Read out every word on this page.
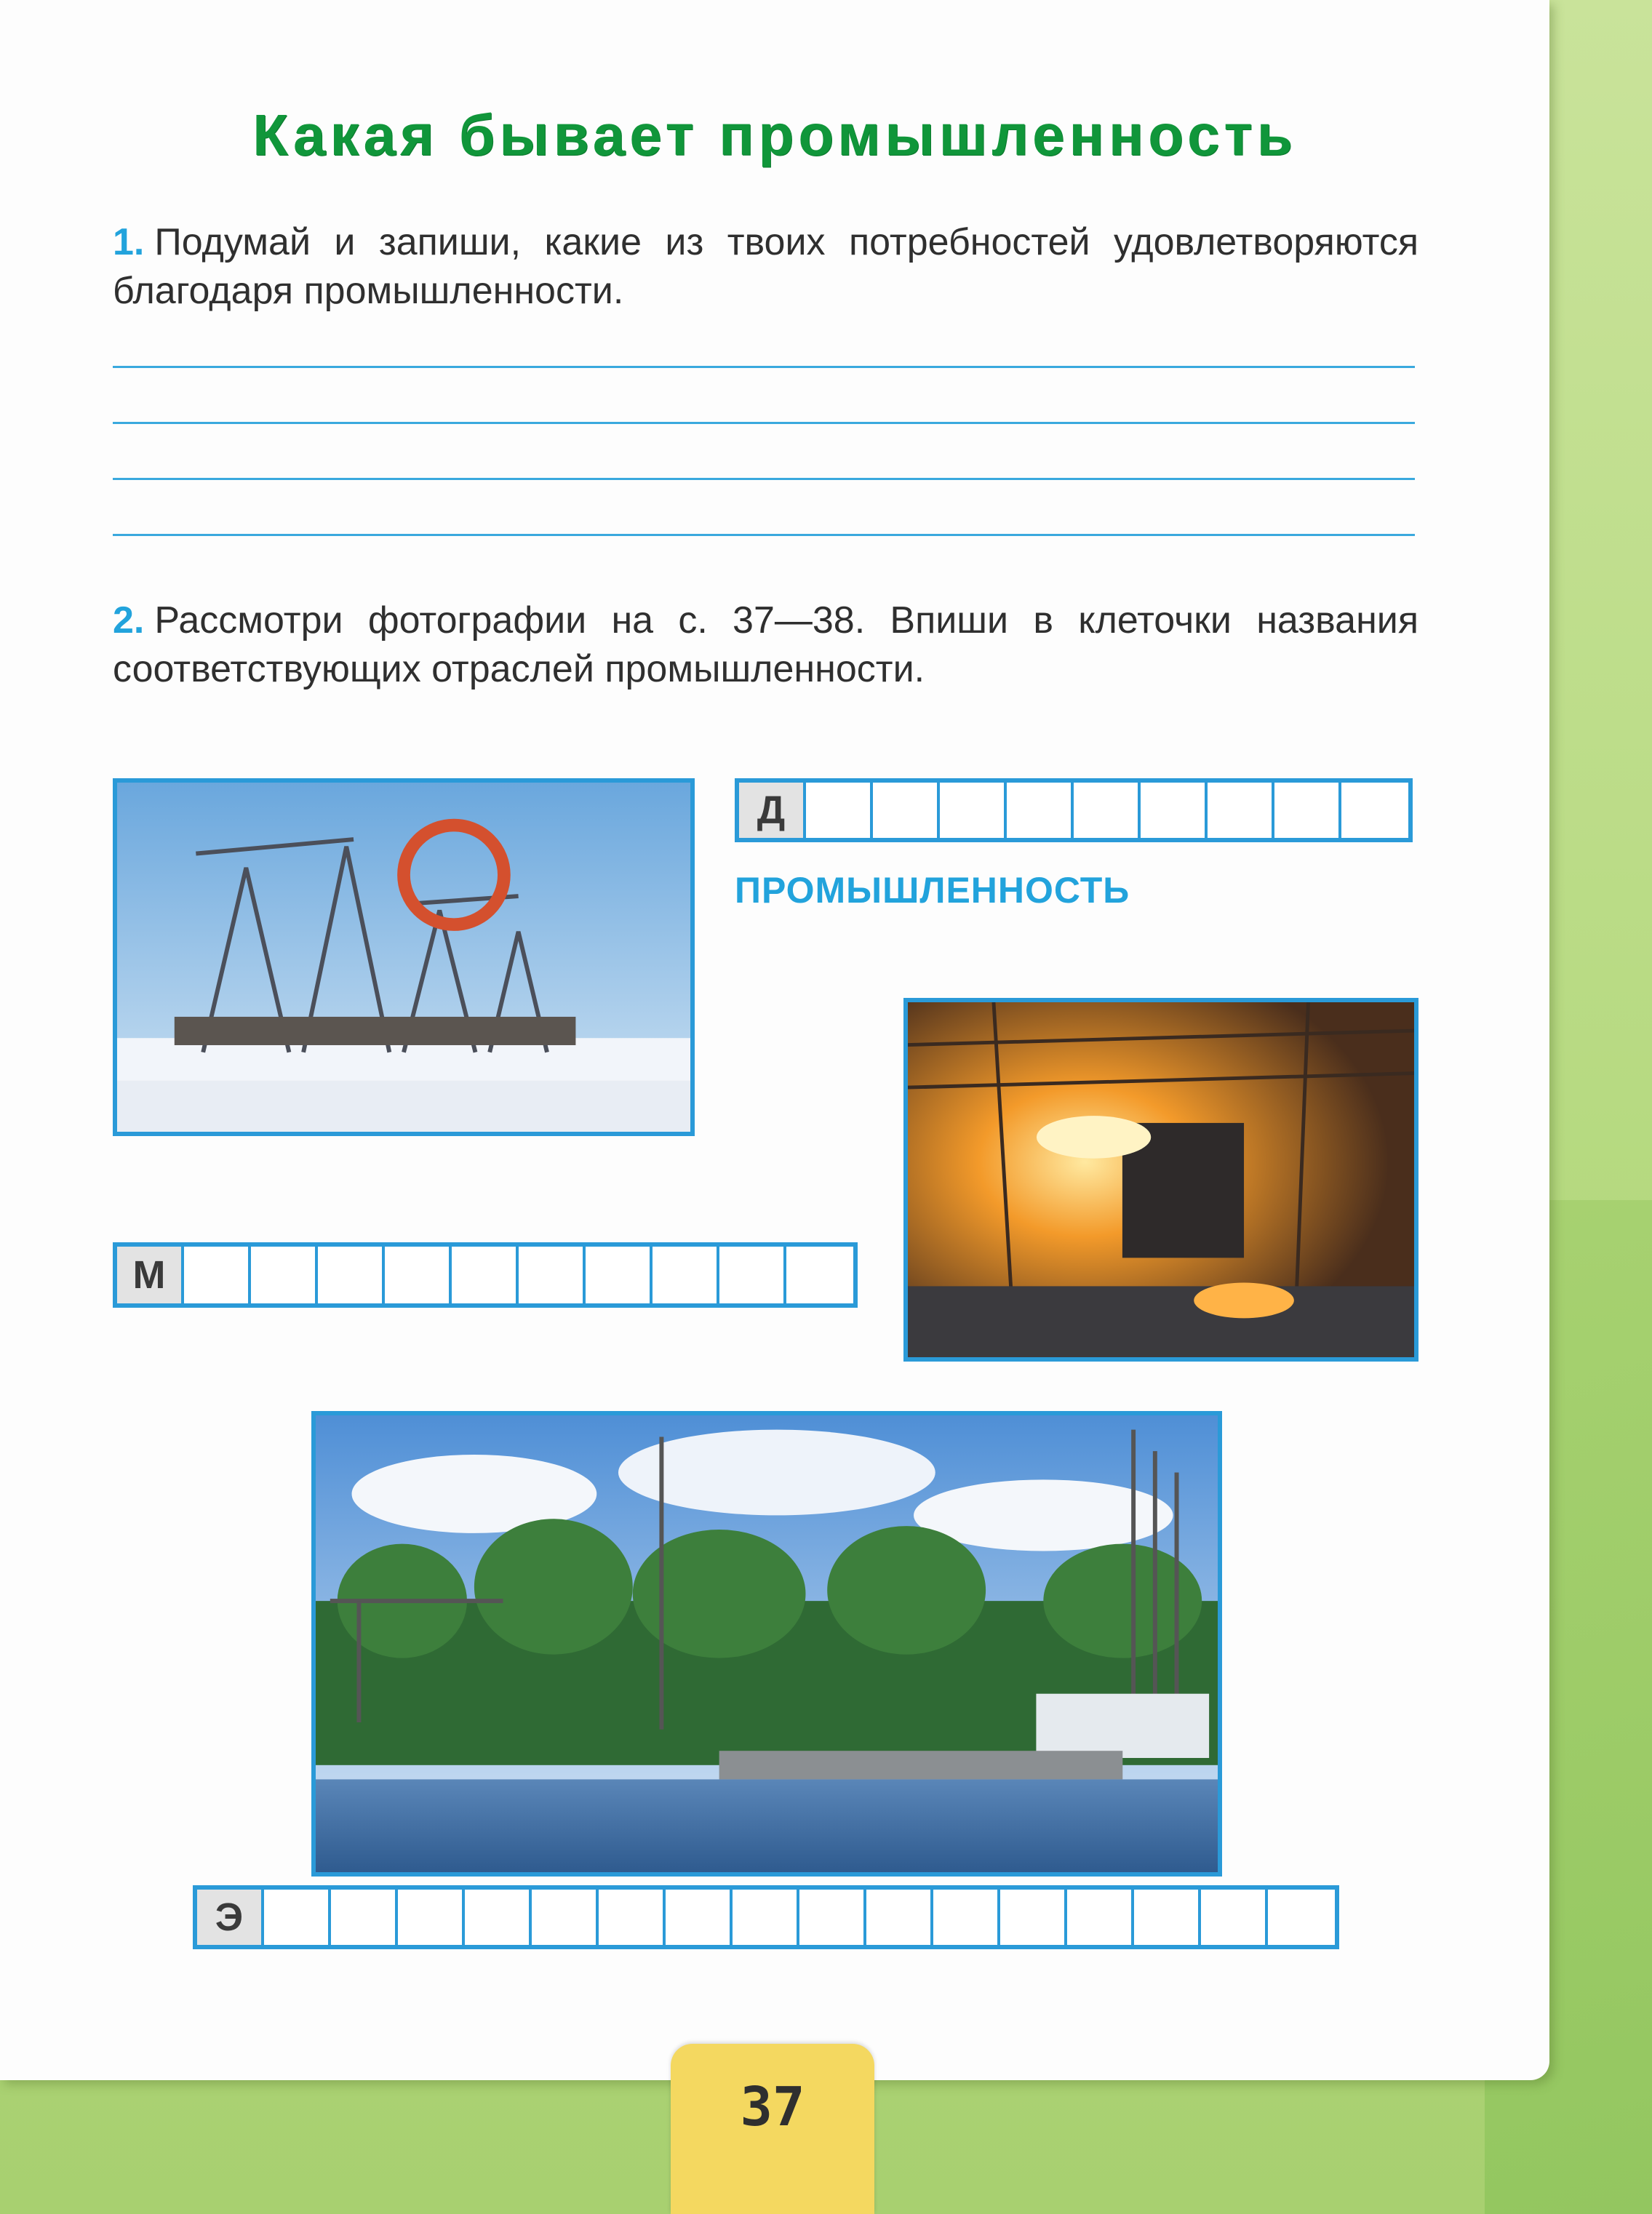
Какая бывает промышленность
1. Подумай и запиши, какие из твоих потребностей удовлетворяются благодаря промышленности.
2. Рассмотри фотографии на с. 37—38. Впиши в клеточки названия соответствующих отраслей промышленности.
Д
ПРОМЫШЛЕННОСТЬ
М
Э
37
